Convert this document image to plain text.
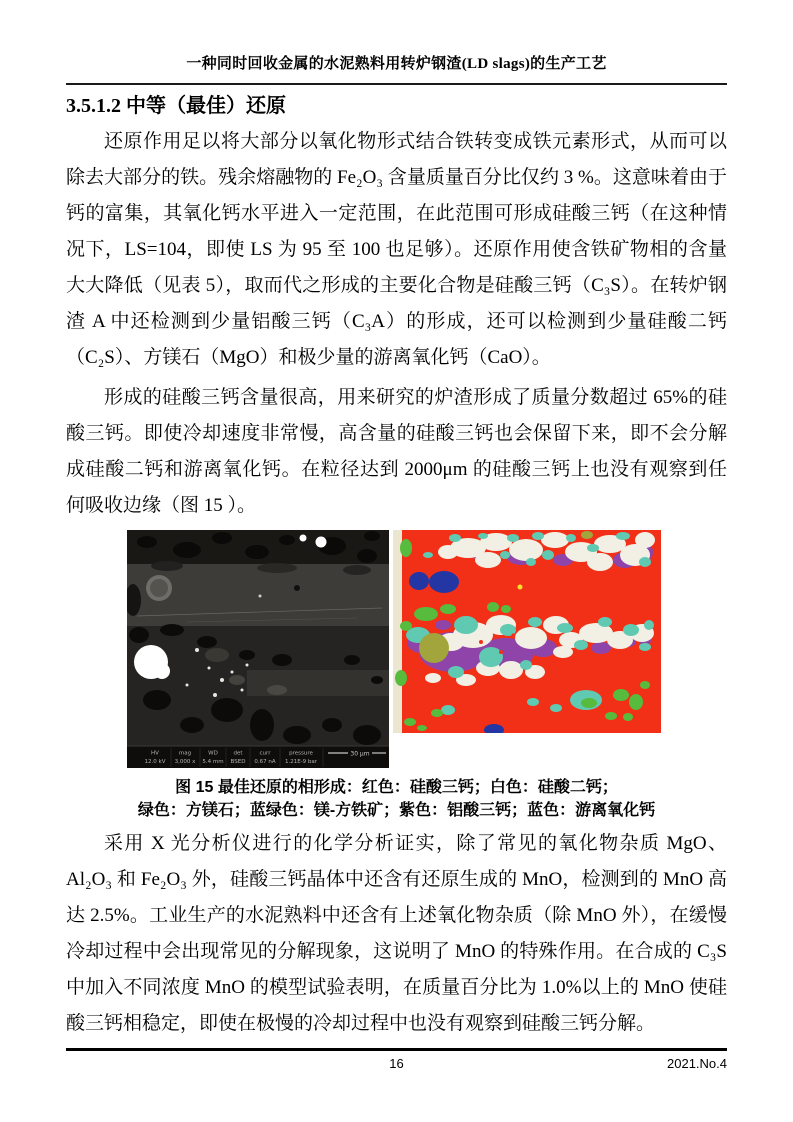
一种同时回收金属的水泥熟料用转炉钢渣(LD slags)的生产工艺
3.5.1.2 中等（最佳）还原

还原作用足以将大部分以氧化物形式结合铁转变成铁元素形式，从而可以除去大部分的铁。残余熔融物的 Fe₂O₃ 含量质量百分比仅约 3 %。这意味着由于钙的富集，其氧化钙水平进入一定范围，在此范围可形成硅酸三钙（在这种情况下，LS=104，即使 LS 为 95 至 100 也足够）。还原作用使含铁矿物相的含量大大降低（见表 5），取而代之形成的主要化合物是硅酸三钙（C₃S）。在转炉钢渣 A 中还检测到少量铝酸三钙（C₃A）的形成，还可以检测到少量硅酸二钙（C₂S）、方镁石（MgO）和极少量的游离氧化钙（CaO）。

形成的硅酸三钙含量很高，用来研究的炉渣形成了质量分数超过 65%的硅酸三钙。即使冷却速度非常慢，高含量的硅酸三钙也会保留下来，即不会分解成硅酸二钙和游离氧化钙。在粒径达到 2000μm 的硅酸三钙上也没有观察到任何吸收边缘（图 15 ）。

HV	mag	WD	det	curr	pressure
12.0 kV 3,000 x 5.4 mm BSED 0.67 nA 1.21E-9 bar
30 μm
图 15 最佳还原的相形成：红色：硅酸三钙；白色：硅酸二钙；
绿色：方镁石；蓝绿色：镁-方铁矿；紫色：铝酸三钙；蓝色：游离氧化钙

采用 X 光分析仪进行的化学分析证实，除了常见的氧化物杂质 MgO、Al₂O₃ 和 Fe₂O₃ 外，硅酸三钙晶体中还含有还原生成的 MnO，检测到的 MnO 高达 2.5%。工业生产的水泥熟料中还含有上述氧化物杂质（除 MnO 外），在缓慢冷却过程中会出现常见的分解现象，这说明了 MnO 的特殊作用。在合成的 C₃S 中加入不同浓度 MnO 的模型试验表明，在质量百分比为 1.0%以上的 MnO 使硅酸三钙相稳定，即使在极慢的冷却过程中也没有观察到硅酸三钙分解。

16	2021.No.4
